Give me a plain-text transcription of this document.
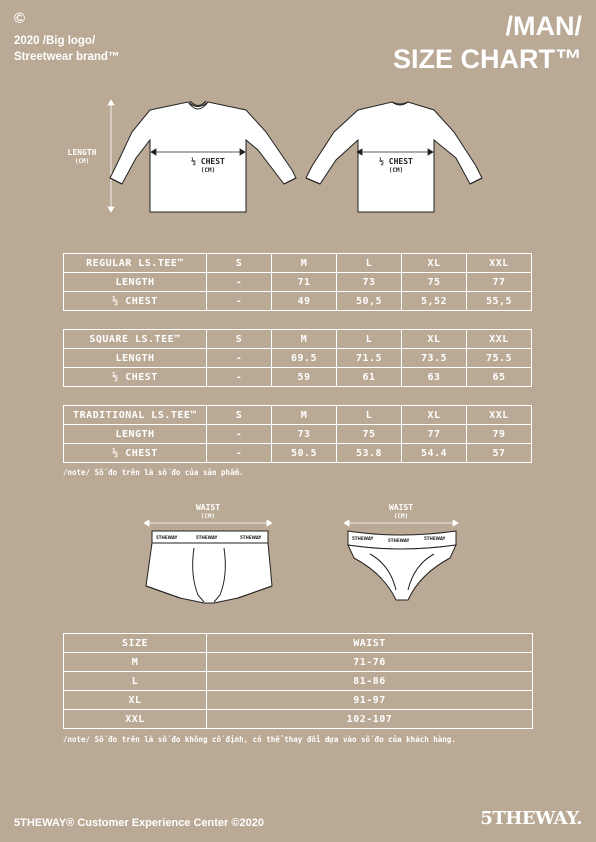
©
2020 /Big logo/
Streetwear brand™
/MAN/
SIZE CHART™
5THEWAY	5THEWAY	5THEWAY	5THEWAY	5THEWAY	5THEWAY
LENGTH
(CM)	½ CHEST
(CM)
½ CHEST
(CM)
WAIST
(CM)
WAIST
(CM)
REGULAR LS.TEE™	S	M	L	XL	XXL
LENGTH	-	71	73	75	77
½ CHEST	-	49	50,5	5,52	55,5
SQUARE LS.TEE™	S	M	L	XL	XXL
LENGTH	-	69.5	71.5	73.5	75.5
½ CHEST	-	59	61	63	65
TRADITIONAL LS.TEE™	S	M	L	XL	XXL
LENGTH	-	73	75	77	79
½ CHEST	-	50.5	53.8	54.4	57
/note/ Số đo trên là số đo của sản phẩm.
SIZE	WAIST
M	71-76
L	81-86
XL	91-97
XXL	102-107
/note/ Số đo trên là số đo không cố định, có thể thay đổi dựa vào số đo của khách hàng.
5THEWAY® Customer Experience Center ©2020	5THEWAY.
